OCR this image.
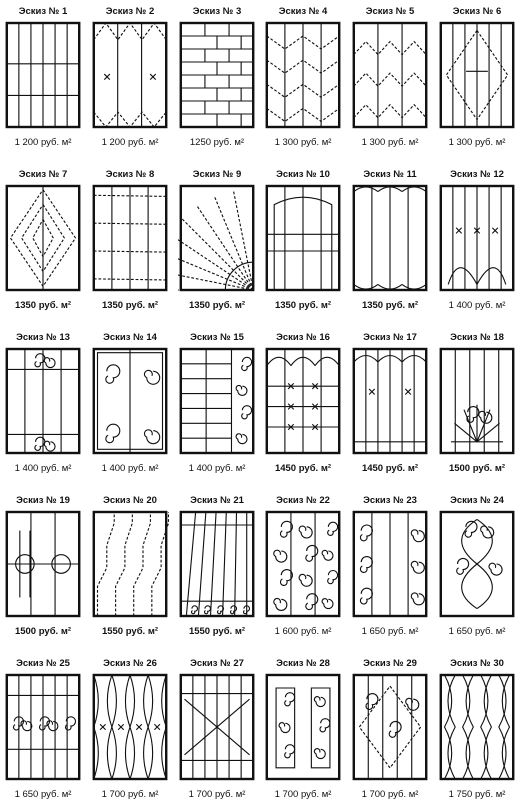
Эскиз № 1
1 200 руб. м²
Эскиз № 2
1 200 руб. м²
Эскиз № 3
1250 руб. м²
Эскиз № 4
1 300 руб. м²
Эскиз № 5
1 300 руб. м²
Эскиз № 6
1 300 руб. м²
Эскиз № 7
1350 руб. м²
Эскиз № 8
1350 руб. м²
Эскиз № 9
1350 руб. м²
Эскиз № 10
1350 руб. м²
Эскиз № 11
1350 руб. м²
Эскиз № 12
1 400 руб. м²
Эскиз № 13
1 400 руб. м²
Эскиз № 14
1 400 руб. м²
Эскиз № 15
1 400 руб. м²
Эскиз № 16
1450 руб. м²
Эскиз № 17
1450 руб. м²
Эскиз № 18
1500 руб. м²
Эскиз № 19
1500 руб. м²
Эскиз № 20
1550 руб. м²
Эскиз № 21
1550 руб. м²
Эскиз № 22
1 600 руб. м²
Эскиз № 23
1 650 руб. м²
Эскиз № 24
1 650 руб. м²
Эскиз № 25
1 650 руб. м²
Эскиз № 26
1 700 руб. м²
Эскиз № 27
1 700 руб. м²
Эскиз № 28
1 700 руб. м²
Эскиз № 29
1 700 руб. м²
Эскиз № 30
1 750 руб. м²
